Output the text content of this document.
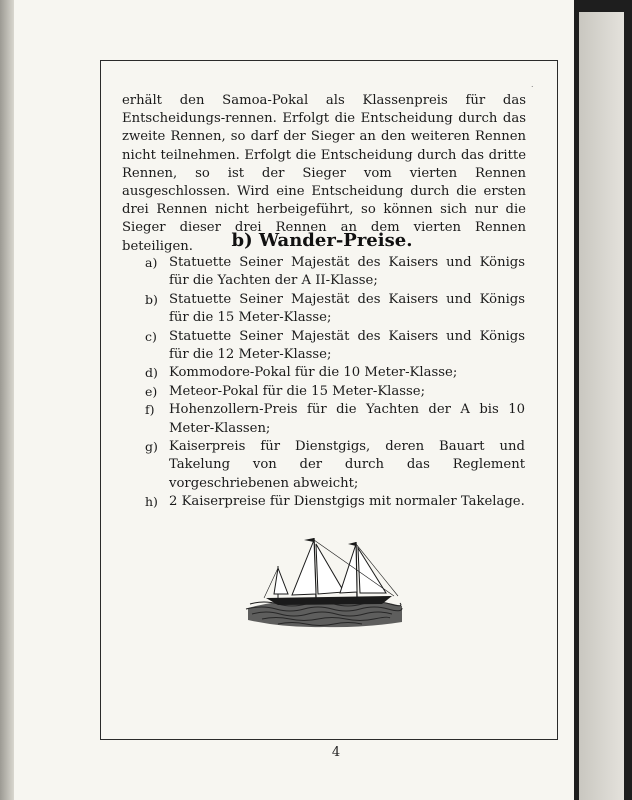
˙

erhält den Samoa-Pokal als Klassenpreis für das Entscheidungs-rennen. Erfolgt die Entscheidung durch das zweite Rennen, so darf der Sieger an den weiteren Rennen nicht teilnehmen. Erfolgt die Entscheidung durch das dritte Rennen, so ist der Sieger vom vierten Rennen ausgeschlossen. Wird eine Entscheidung durch die ersten drei Rennen nicht herbeigeführt, so können sich nur die Sieger dieser drei Rennen an dem vierten Rennen beteiligen.	b) Wander-Preise.
a) Statuette Seiner Majestät des Kaisers und Königs für die Yachten der A II-Klasse;
b) Statuette Seiner Majestät des Kaisers und Königs für die 15 Meter-Klasse;
c) Statuette Seiner Majestät des Kaisers und Königs für die 12 Meter-Klasse;
d) Kommodore-Pokal für die 10 Meter-Klasse;
e) Meteor-Pokal für die 15 Meter-Klasse;
f) Hohenzollern-Preis für die Yachten der A bis 10 Meter-Klassen;
g) Kaiserpreis für Dienstgigs, deren Bauart und Takelung von der durch das Reglement vorgeschriebenen abweicht;
h) 2 Kaiserpreise für Dienstgigs mit normaler Takelage.
4
